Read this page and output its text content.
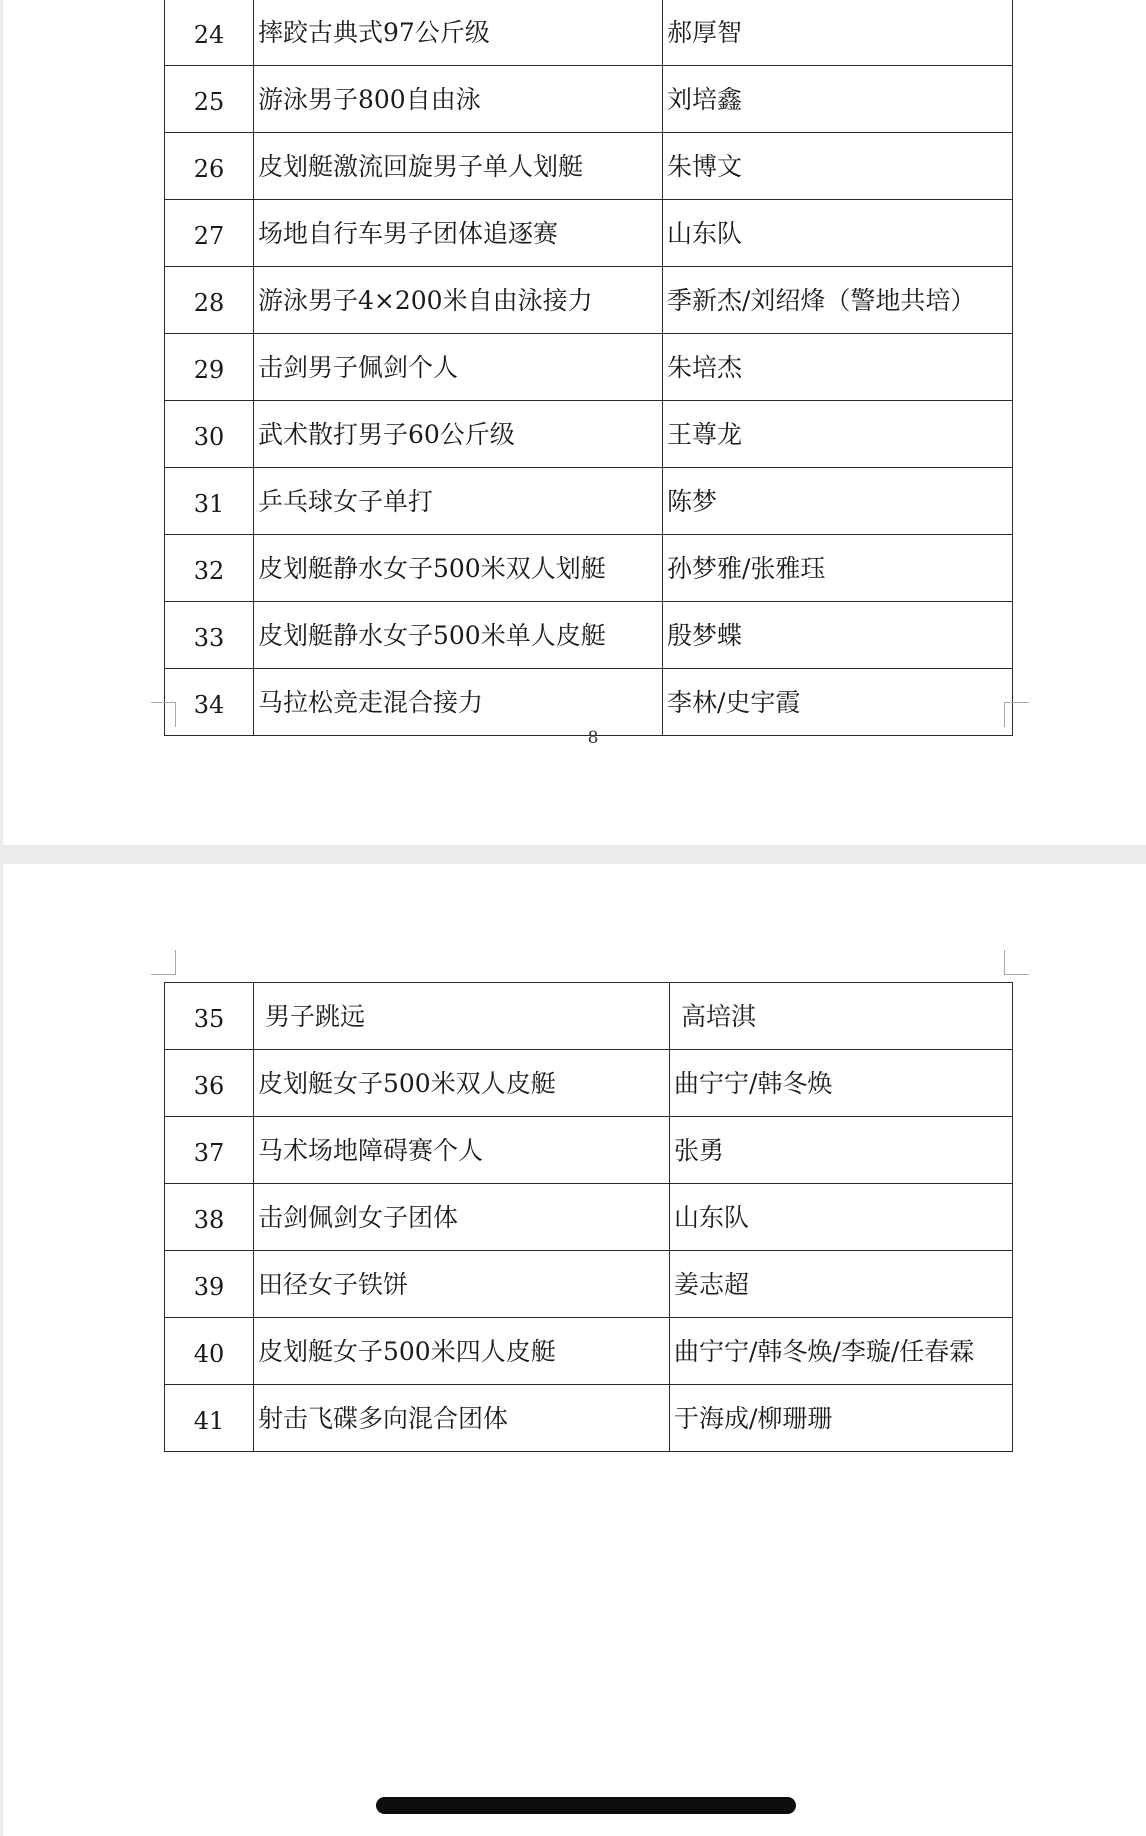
24	摔跤古典式97公斤级	郝厚智
25	游泳男子800自由泳	刘培鑫
26	皮划艇激流回旋男子单人划艇	朱博文
27	场地自行车男子团体追逐赛	山东队
28	游泳男子4×200米自由泳接力	季新杰/刘绍烽（警地共培）
29	击剑男子佩剑个人	朱培杰
30	武术散打男子60公斤级	王尊龙
31	乒乓球女子单打	陈梦
32	皮划艇静水女子500米双人划艇	孙梦雅/张雅珏
33	皮划艇静水女子500米单人皮艇	殷梦蝶
34	马拉松竞走混合接力	李林/史宇霞
8
35	男子跳远	高培淇
36	皮划艇女子500米双人皮艇	曲宁宁/韩冬焕
37	马术场地障碍赛个人	张勇
38	击剑佩剑女子团体	山东队
39	田径女子铁饼	姜志超
40	皮划艇女子500米四人皮艇	曲宁宁/韩冬焕/李璇/任春霖
41	射击飞碟多向混合团体	于海成/柳珊珊
